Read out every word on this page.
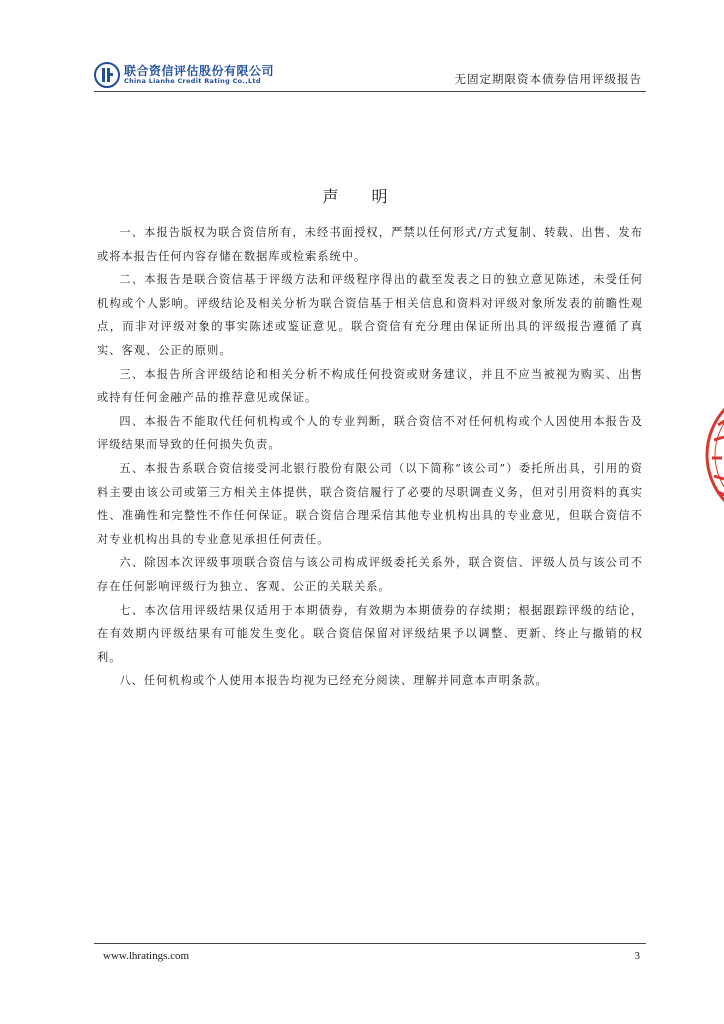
联合资信评估股份有限公司
China Lianhe Credit Rating Co.,Ltd	无固定期限资本债券信用评级报告
声 明

一、本报告版权为联合资信所有，未经书面授权，严禁以任何形式/方式复制、转载、出售、发布或将本报告任何内容存储在数据库或检索系统中。

二、本报告是联合资信基于评级方法和评级程序得出的截至发表之日的独立意见陈述，未受任何机构或个人影响。评级结论及相关分析为联合资信基于相关信息和资料对评级对象所发表的前瞻性观点，而非对评级对象的事实陈述或鉴证意见。联合资信有充分理由保证所出具的评级报告遵循了真实、客观、公正的原则。

三、本报告所含评级结论和相关分析不构成任何投资或财务建议，并且不应当被视为购买、出售或持有任何金融产品的推荐意见或保证。

四、本报告不能取代任何机构或个人的专业判断，联合资信不对任何机构或个人因使用本报告及评级结果而导致的任何损失负责。

五、本报告系联合资信接受河北银行股份有限公司（以下简称“该公司”）委托所出具，引用的资料主要由该公司或第三方相关主体提供，联合资信履行了必要的尽职调查义务，但对引用资料的真实性、准确性和完整性不作任何保证。联合资信合理采信其他专业机构出具的专业意见，但联合资信不对专业机构出具的专业意见承担任何责任。

六、除因本次评级事项联合资信与该公司构成评级委托关系外，联合资信、评级人员与该公司不存在任何影响评级行为独立、客观、公正的关联关系。

七、本次信用评级结果仅适用于本期债券，有效期为本期债券的存续期；根据跟踪评级的结论，在有效期内评级结果有可能发生变化。联合资信保留对评级结果予以调整、更新、终止与撤销的权利。

八、任何机构或个人使用本报告均视为已经充分阅读、理解并同意本声明条款。

www.lhratings.com	3
